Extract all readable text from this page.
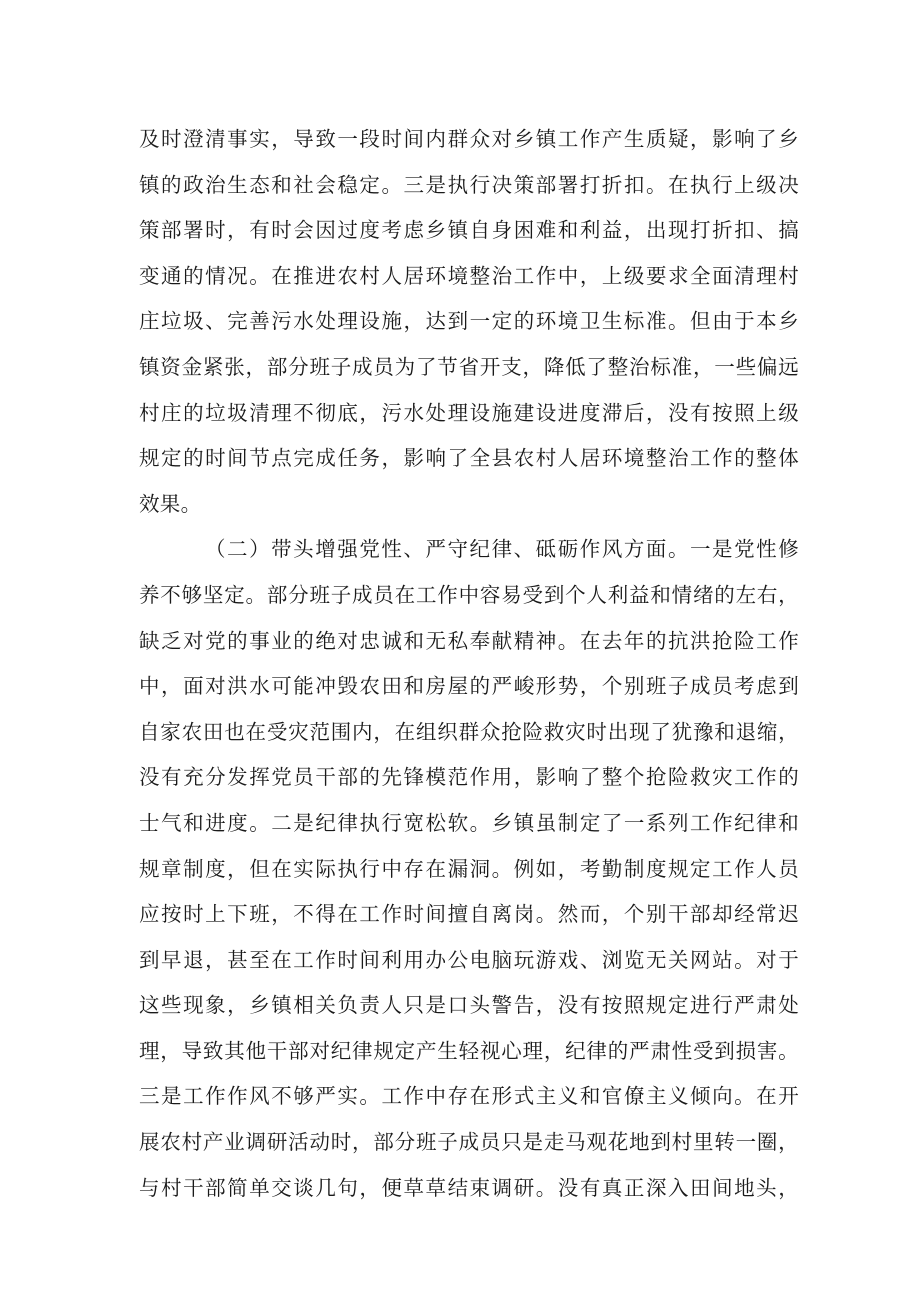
及时澄清事实，导致一段时间内群众对乡镇工作产生质疑，影响了乡
镇的政治生态和社会稳定。三是执行决策部署打折扣。在执行上级决
策部署时，有时会因过度考虑乡镇自身困难和利益，出现打折扣、搞
变通的情况。在推进农村人居环境整治工作中，上级要求全面清理村
庄垃圾、完善污水处理设施，达到一定的环境卫生标准。但由于本乡
镇资金紧张，部分班子成员为了节省开支，降低了整治标准，一些偏远
村庄的垃圾清理不彻底，污水处理设施建设进度滞后，没有按照上级
规定的时间节点完成任务，影响了全县农村人居环境整治工作的整体
效果。
（二）带头增强党性、严守纪律、砥砺作风方面。一是党性修
养不够坚定。部分班子成员在工作中容易受到个人利益和情绪的左右，
缺乏对党的事业的绝对忠诚和无私奉献精神。在去年的抗洪抢险工作
中，面对洪水可能冲毁农田和房屋的严峻形势，个别班子成员考虑到
自家农田也在受灾范围内，在组织群众抢险救灾时出现了犹豫和退缩，
没有充分发挥党员干部的先锋模范作用，影响了整个抢险救灾工作的
士气和进度。二是纪律执行宽松软。乡镇虽制定了一系列工作纪律和
规章制度，但在实际执行中存在漏洞。例如，考勤制度规定工作人员
应按时上下班，不得在工作时间擅自离岗。然而，个别干部却经常迟
到早退，甚至在工作时间利用办公电脑玩游戏、浏览无关网站。对于
这些现象，乡镇相关负责人只是口头警告，没有按照规定进行严肃处
理，导致其他干部对纪律规定产生轻视心理，纪律的严肃性受到损害。
三是工作作风不够严实。工作中存在形式主义和官僚主义倾向。在开
展农村产业调研活动时，部分班子成员只是走马观花地到村里转一圈，
与村干部简单交谈几句，便草草结束调研。没有真正深入田间地头，
